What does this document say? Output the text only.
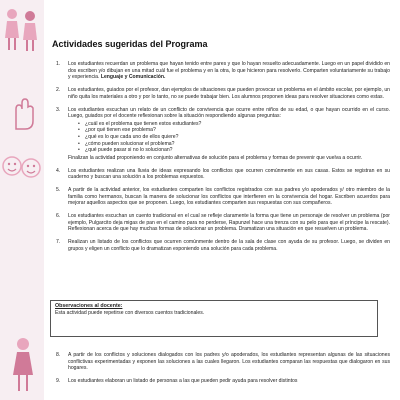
Actividades sugeridas del Programa
1. Los estudiantes recuerdan un problema que hayan tenido entre pares y que lo hayan resuelto adecuadamente. Luego en un papel dividido en dos escriben y/o dibujan en una mitad cuál fue el problema y en la otra, lo que hicieron para resolverlo. Comparten voluntariamente su trabajo y experiencia. Lenguaje y Comunicación.
2. Los estudiantes, guiados por el profesor, dan ejemplos de situaciones que pueden provocar un problema en el ámbito escolar, por ejemplo, un niño quita los materiales a otro y por lo tanto, no se puede trabajar bien. Los alumnos proponen ideas para resolver situaciones como estas.
3. Los estudiantes escuchan un relato de un conflicto de convivencia que ocurre entre niños de su edad, o que hayan ocurrido en el curso. Luego, guiados por el docente reflexionan sobre la situación respondiendo algunas preguntas:
• ¿cuál es el problema que tienen estos estudiantes?
• ¿por qué tienen ese problema?
• ¿qué es lo que cada uno de ellos quiere?
• ¿cómo pueden solucionar el problema?
• ¿qué puede pasar si no lo solucionan?
Finalizan la actividad proponiendo en conjunto alternativas de solución para el problema y formas de prevenir que vuelva a ocurrir.
4. Los estudiantes realizan una lluvia de ideas expresando los conflictos que ocurren comúnmente en sus casas. Estos se registran en su cuaderno y buscan una solución a los problemas expuestos.
5. A partir de la actividad anterior, los estudiantes comparten los conflictos registrados con sus padres y/o apoderados y/ otro miembro de la familia como hermanos, buscan la manera de solucionar los conflictos que interfieren en la convivencia del hogar. Escriben acuerdos para mejorar aquellos aspectos que se proponen. Luego, los estudiantes comparten sus respuestas con sus compañeros.
6. Los estudiantes escuchan un cuento tradicional en el cual se refleje claramente la forma que tiene un personaje de resolver un problema (por ejemplo, Pulgarcito deja migas de pan en el camino para no perderse, Rapunzel hace una trenza con su pelo para que el príncipe la rescate). Reflexionan acerca de que hay muchas formas de solucionar un problema. Dramatizan una situación en que resuelven un problema.
7. Realizan un listado de los conflictos que ocurren comúnmente dentro de la sala de clase con ayuda de su profesor. Luego, se dividen en grupos y eligen un conflicto que lo dramatizan exponiendo una solución para cada problema.
Observaciones al docente:
Esta actividad puede repetirse con diversos cuentos tradicionales.
8. A partir de los conflictos y soluciones dialogados con los padres y/o apoderados, los estudiantes representan algunas de las situaciones conflictivas experimentadas y exponen las soluciones a las cuales llegaron. Los estudiantes comparan las respuestas que dialogaron en sus hogares.
9. Los estudiantes elaboran un listado de personas a las que pueden pedir ayuda para resolver distintos
